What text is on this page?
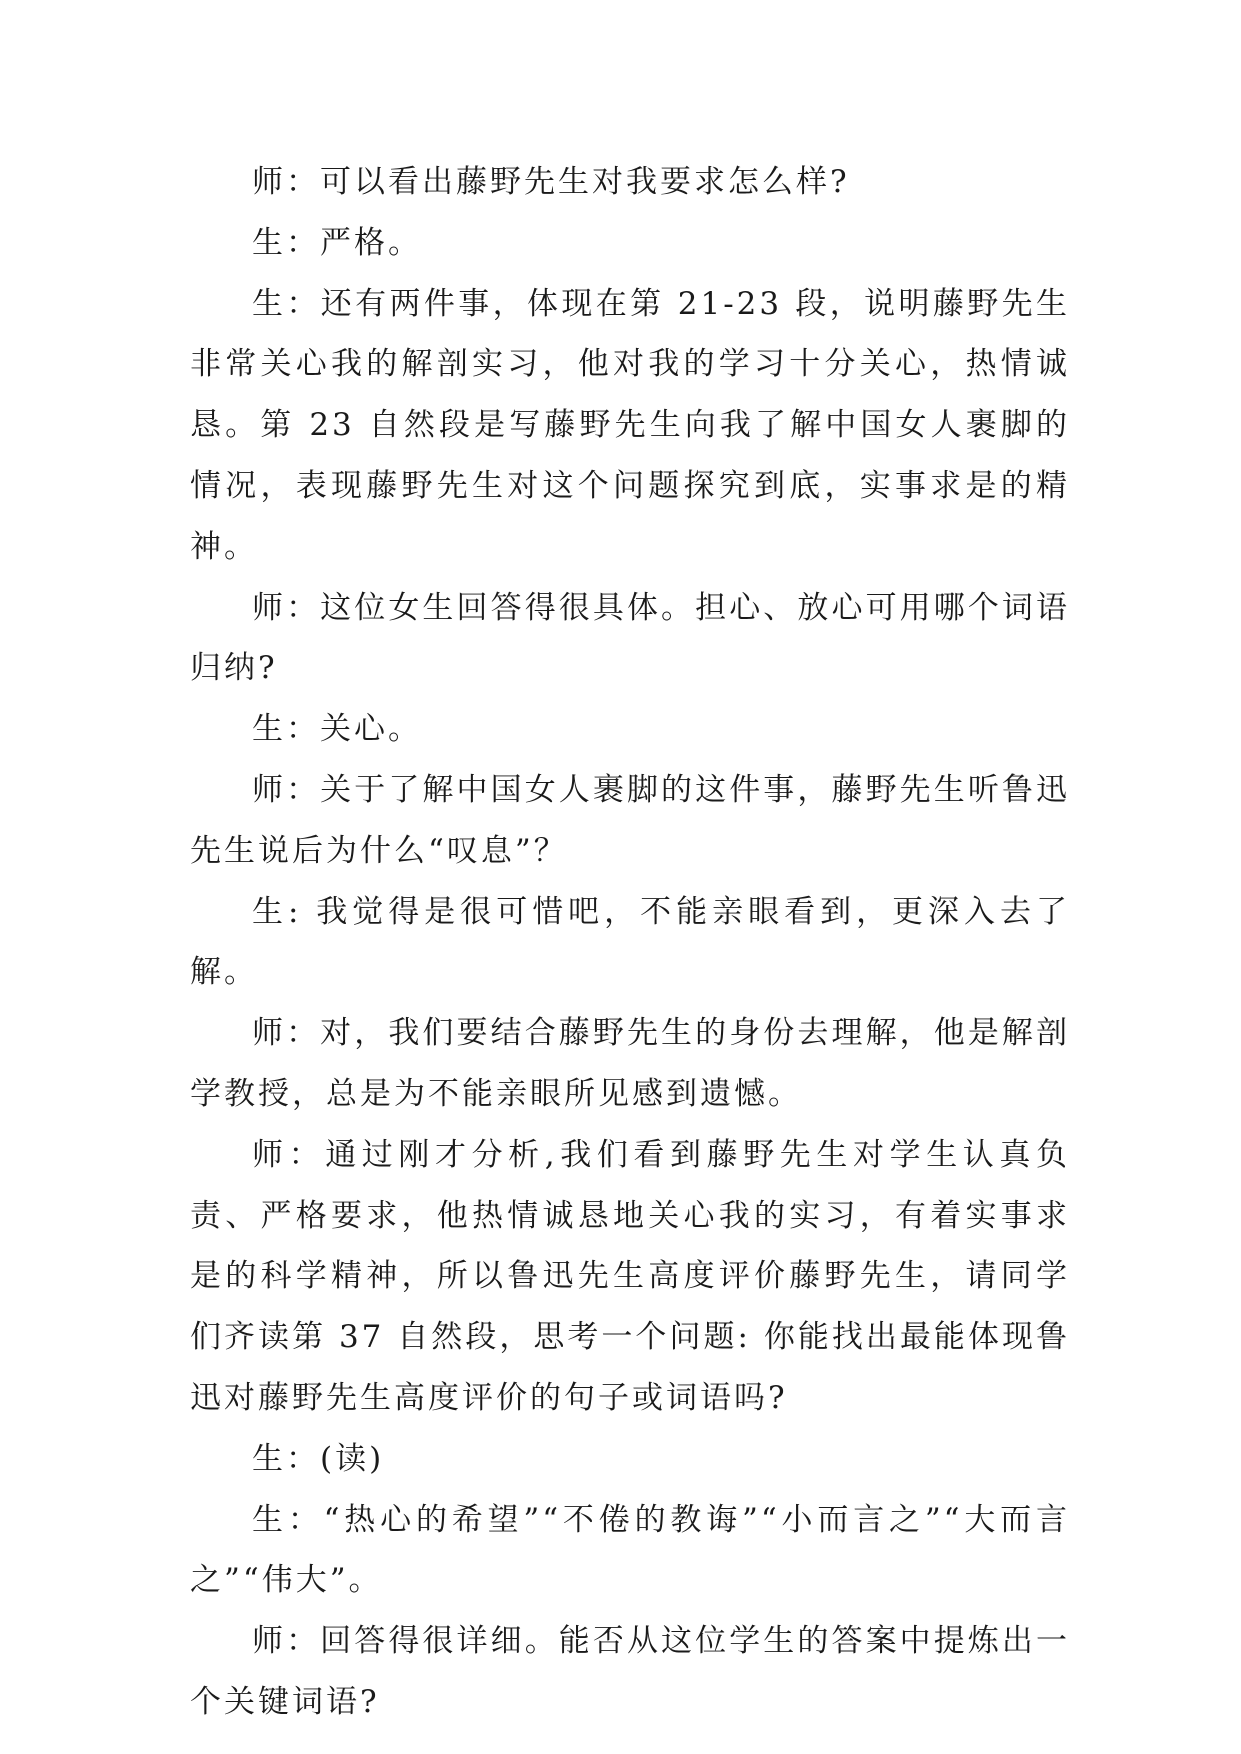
师：可以看出藤野先生对我要求怎么样?

生：严格。

生：还有两件事，体现在第 21-23 段，说明藤野先生非常关心我的解剖实习，他对我的学习十分关心，热情诚恳。第 23 自然段是写藤野先生向我了解中国女人裹脚的情况，表现藤野先生对这个问题探究到底，实事求是的精神。

师：这位女生回答得很具体。担心、放心可用哪个词语归纳?

生：关心。

师：关于了解中国女人裹脚的这件事，藤野先生听鲁迅先生说后为什么“叹息”？

生: 我觉得是很可惜吧，不能亲眼看到，更深入去了解。

师：对，我们要结合藤野先生的身份去理解，他是解剖学教授，总是为不能亲眼所见感到遗憾。

师：通过刚才分析,我们看到藤野先生对学生认真负责、严格要求，他热情诚恳地关心我的实习，有着实事求是的科学精神，所以鲁迅先生高度评价藤野先生，请同学们齐读第 37 自然段，思考一个问题: 你能找出最能体现鲁迅对藤野先生高度评价的句子或词语吗?

生：(读)

生：“热心的希望”“不倦的教诲”“小而言之”“大而言之”“伟大”。

师：回答得很详细。能否从这位学生的答案中提炼出一个关键词语?
